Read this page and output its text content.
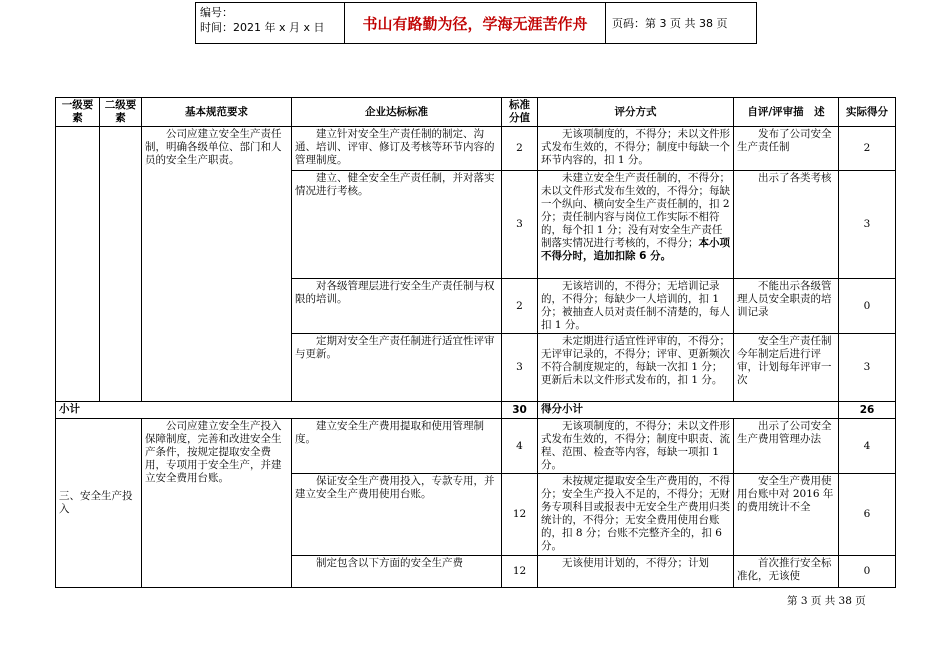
编号：
时间：2021 年 x 月 x 日	书山有路勤为径，学海无涯苦作舟	页码：第 3 页 共 38 页
一级要素	二级要素	基本规范要求	企业达标标准	标准分值	评分方式	自评/评审描　述	实际得分
		公司应建立安全生产责任制，明确各级单位、部门和人员的安全生产职责。	建立针对安全生产责任制的制定、沟通、培训、评审、修订及考核等环节内容的管理制度。	2	无该项制度的，不得分；未以文件形式发布生效的，不得分；制度中每缺一个环节内容的，扣 1 分。	发布了公司安全生产责任制	2
			建立、健全安全生产责任制，并对落实情况进行考核。	3	未建立安全生产责任制的，不得分；未以文件形式发布生效的，不得分；每缺一个纵向、横向安全生产责任制的，扣 2 分；责任制内容与岗位工作实际不相符的，每个扣 1 分；没有对安全生产责任制落实情况进行考核的，不得分；本小项不得分时，追加扣除 6 分。	出示了各类考核	3
			对各级管理层进行安全生产责任制与权限的培训。	2	无该培训的，不得分；无培训记录的，不得分；每缺少一人培训的，扣 1 分；被抽查人员对责任制不清楚的，每人扣 1 分。	不能出示各级管理人员安全职责的培训记录	0
			定期对安全生产责任制进行适宜性评审与更新。	3	未定期进行适宜性评审的，不得分；无评审记录的，不得分；评审、更新频次不符合制度规定的，每缺一次扣 1 分；更新后未以文件形式发布的，扣 1 分。	安全生产责任制今年制定后进行评审，计划每年评审一次	3
小计				30	得分小计		26
三、安全生产投入		公司应建立安全生产投入保障制度，完善和改进安全生产条件，按规定提取安全费用，专项用于安全生产，并建立安全费用台账。	建立安全生产费用提取和使用管理制度。	4	无该项制度的，不得分；未以文件形式发布生效的，不得分；制度中职责、流程、范围、检查等内容，每缺一项扣 1 分。	出示了公司安全生产费用管理办法	4
			保证安全生产费用投入，专款专用，并建立安全生产费用使用台账。	12	未按规定提取安全生产费用的，不得分；安全生产投入不足的，不得分；无财务专项科目或报表中无安全生产费用归类统计的，不得分；无安全费用使用台账的，扣 8 分；台账不完整齐全的，扣 6 分。	安全生产费用使用台账中对 2016 年的费用统计不全	6
			制定包含以下方面的安全生产费	12	无该使用计划的，不得分；计划	首次推行安全标准化，无该使	0
第 3 页 共 38 页
